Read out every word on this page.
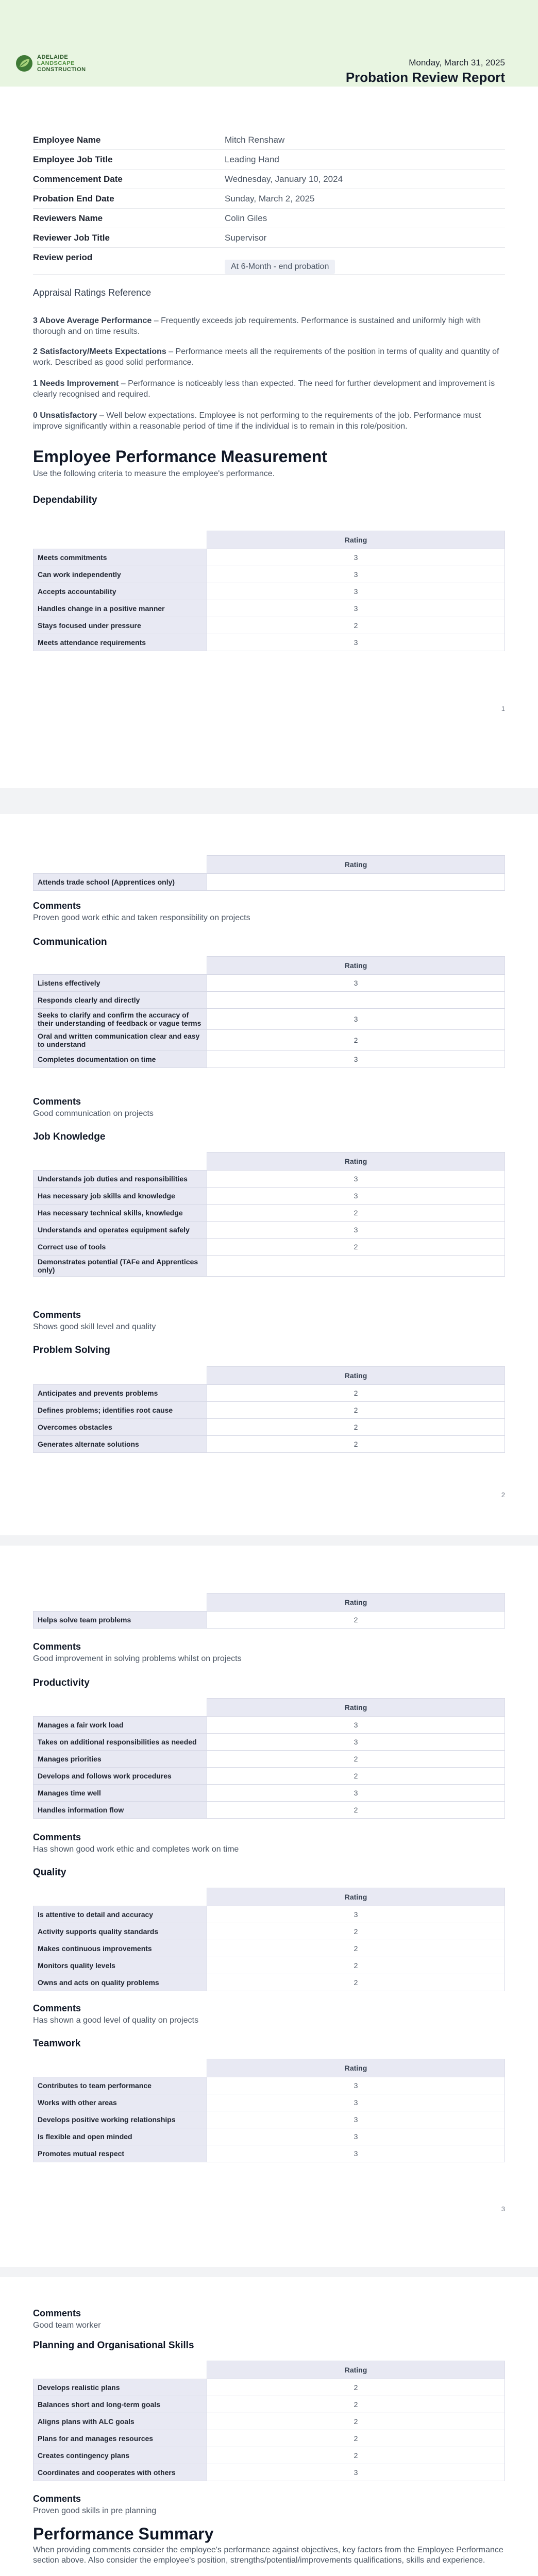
ADELAIDE
LANDSCAPE
CONSTRUCTION
Monday, March 31, 2025
Probation Review Report
Employee Name	Mitch Renshaw
Employee Job Title	Leading Hand
Commencement Date	Wednesday, January 10, 2024
Probation End Date	Sunday, March 2, 2025
Reviewers Name	Colin Giles
Reviewer Job Title	Supervisor
Review period
At 6-Month - end probation
Appraisal Ratings Reference
3 Above Average Performance – Frequently exceeds job requirements. Performance is sustained and uniformly high with thorough and on time results.
2 Satisfactory/Meets Expectations – Performance meets all the requirements of the position in terms of quality and quantity of work. Described as good solid performance.
1 Needs Improvement – Performance is noticeably less than expected. The need for further development and improvement is clearly recognised and required.
0 Unsatisfactory – Well below expectations. Employee is not performing to the requirements of the job. Performance must improve significantly within a reasonable period of time if the individual is to remain in this role/position.
Employee Performance Measurement
Use the following criteria to measure the employee's performance.
Dependability
	Rating
Meets commitments	3
Can work independently	3
Accepts accountability	3
Handles change in a positive manner	3
Stays focused under pressure	2
Meets attendance requirements	3
1
	Rating
Attends trade school (Apprentices only)	
Comments
Proven good work ethic and taken responsibility on projects
Communication
	Rating
Listens effectively	3
Responds clearly and directly	
Seeks to clarify and confirm the accuracy of their understanding of feedback or vague terms	3
Oral and written communication clear and easy to understand	2
Completes documentation on time	3
Comments
Good communication on projects
Job Knowledge
	Rating
Understands job duties and responsibilities	3
Has necessary job skills and knowledge	3
Has necessary technical skills, knowledge	2
Understands and operates equipment safely	3
Correct use of tools	2
Demonstrates potential (TAFe and Apprentices only)	
Comments
Shows good skill level and quality
Problem Solving
	Rating
Anticipates and prevents problems	2
Defines problems; identifies root cause	2
Overcomes obstacles	2
Generates alternate solutions	2
2
	Rating
Helps solve team problems	2
Comments
Good improvement in solving problems whilst on projects
Productivity
	Rating
Manages a fair work load	3
Takes on additional responsibilities as needed	3
Manages priorities	2
Develops and follows work procedures	2
Manages time well	3
Handles information flow	2
Comments
Has shown good work ethic and completes work on time
Quality
	Rating
Is attentive to detail and accuracy	3
Activity supports quality standards	2
Makes continuous improvements	2
Monitors quality levels	2
Owns and acts on quality problems	2
Comments
Has shown a good level of quality on projects
Teamwork
	Rating
Contributes to team performance	3
Works with other areas	3
Develops positive working relationships	3
Is flexible and open minded	3
Promotes mutual respect	3
3
Comments
Good team worker
Planning and Organisational Skills
	Rating
Develops realistic plans	2
Balances short and long-term goals	2
Aligns plans with ALC goals	2
Plans for and manages resources	2
Creates contingency plans	2
Coordinates and cooperates with others	3
Comments
Proven good skills in pre planning
Performance Summary
When providing comments consider the employee's performance against objectives, key factors from the Employee Performance section above. Also consider the employee's position, strengths/potential/improvements qualifications, skills and experience.
